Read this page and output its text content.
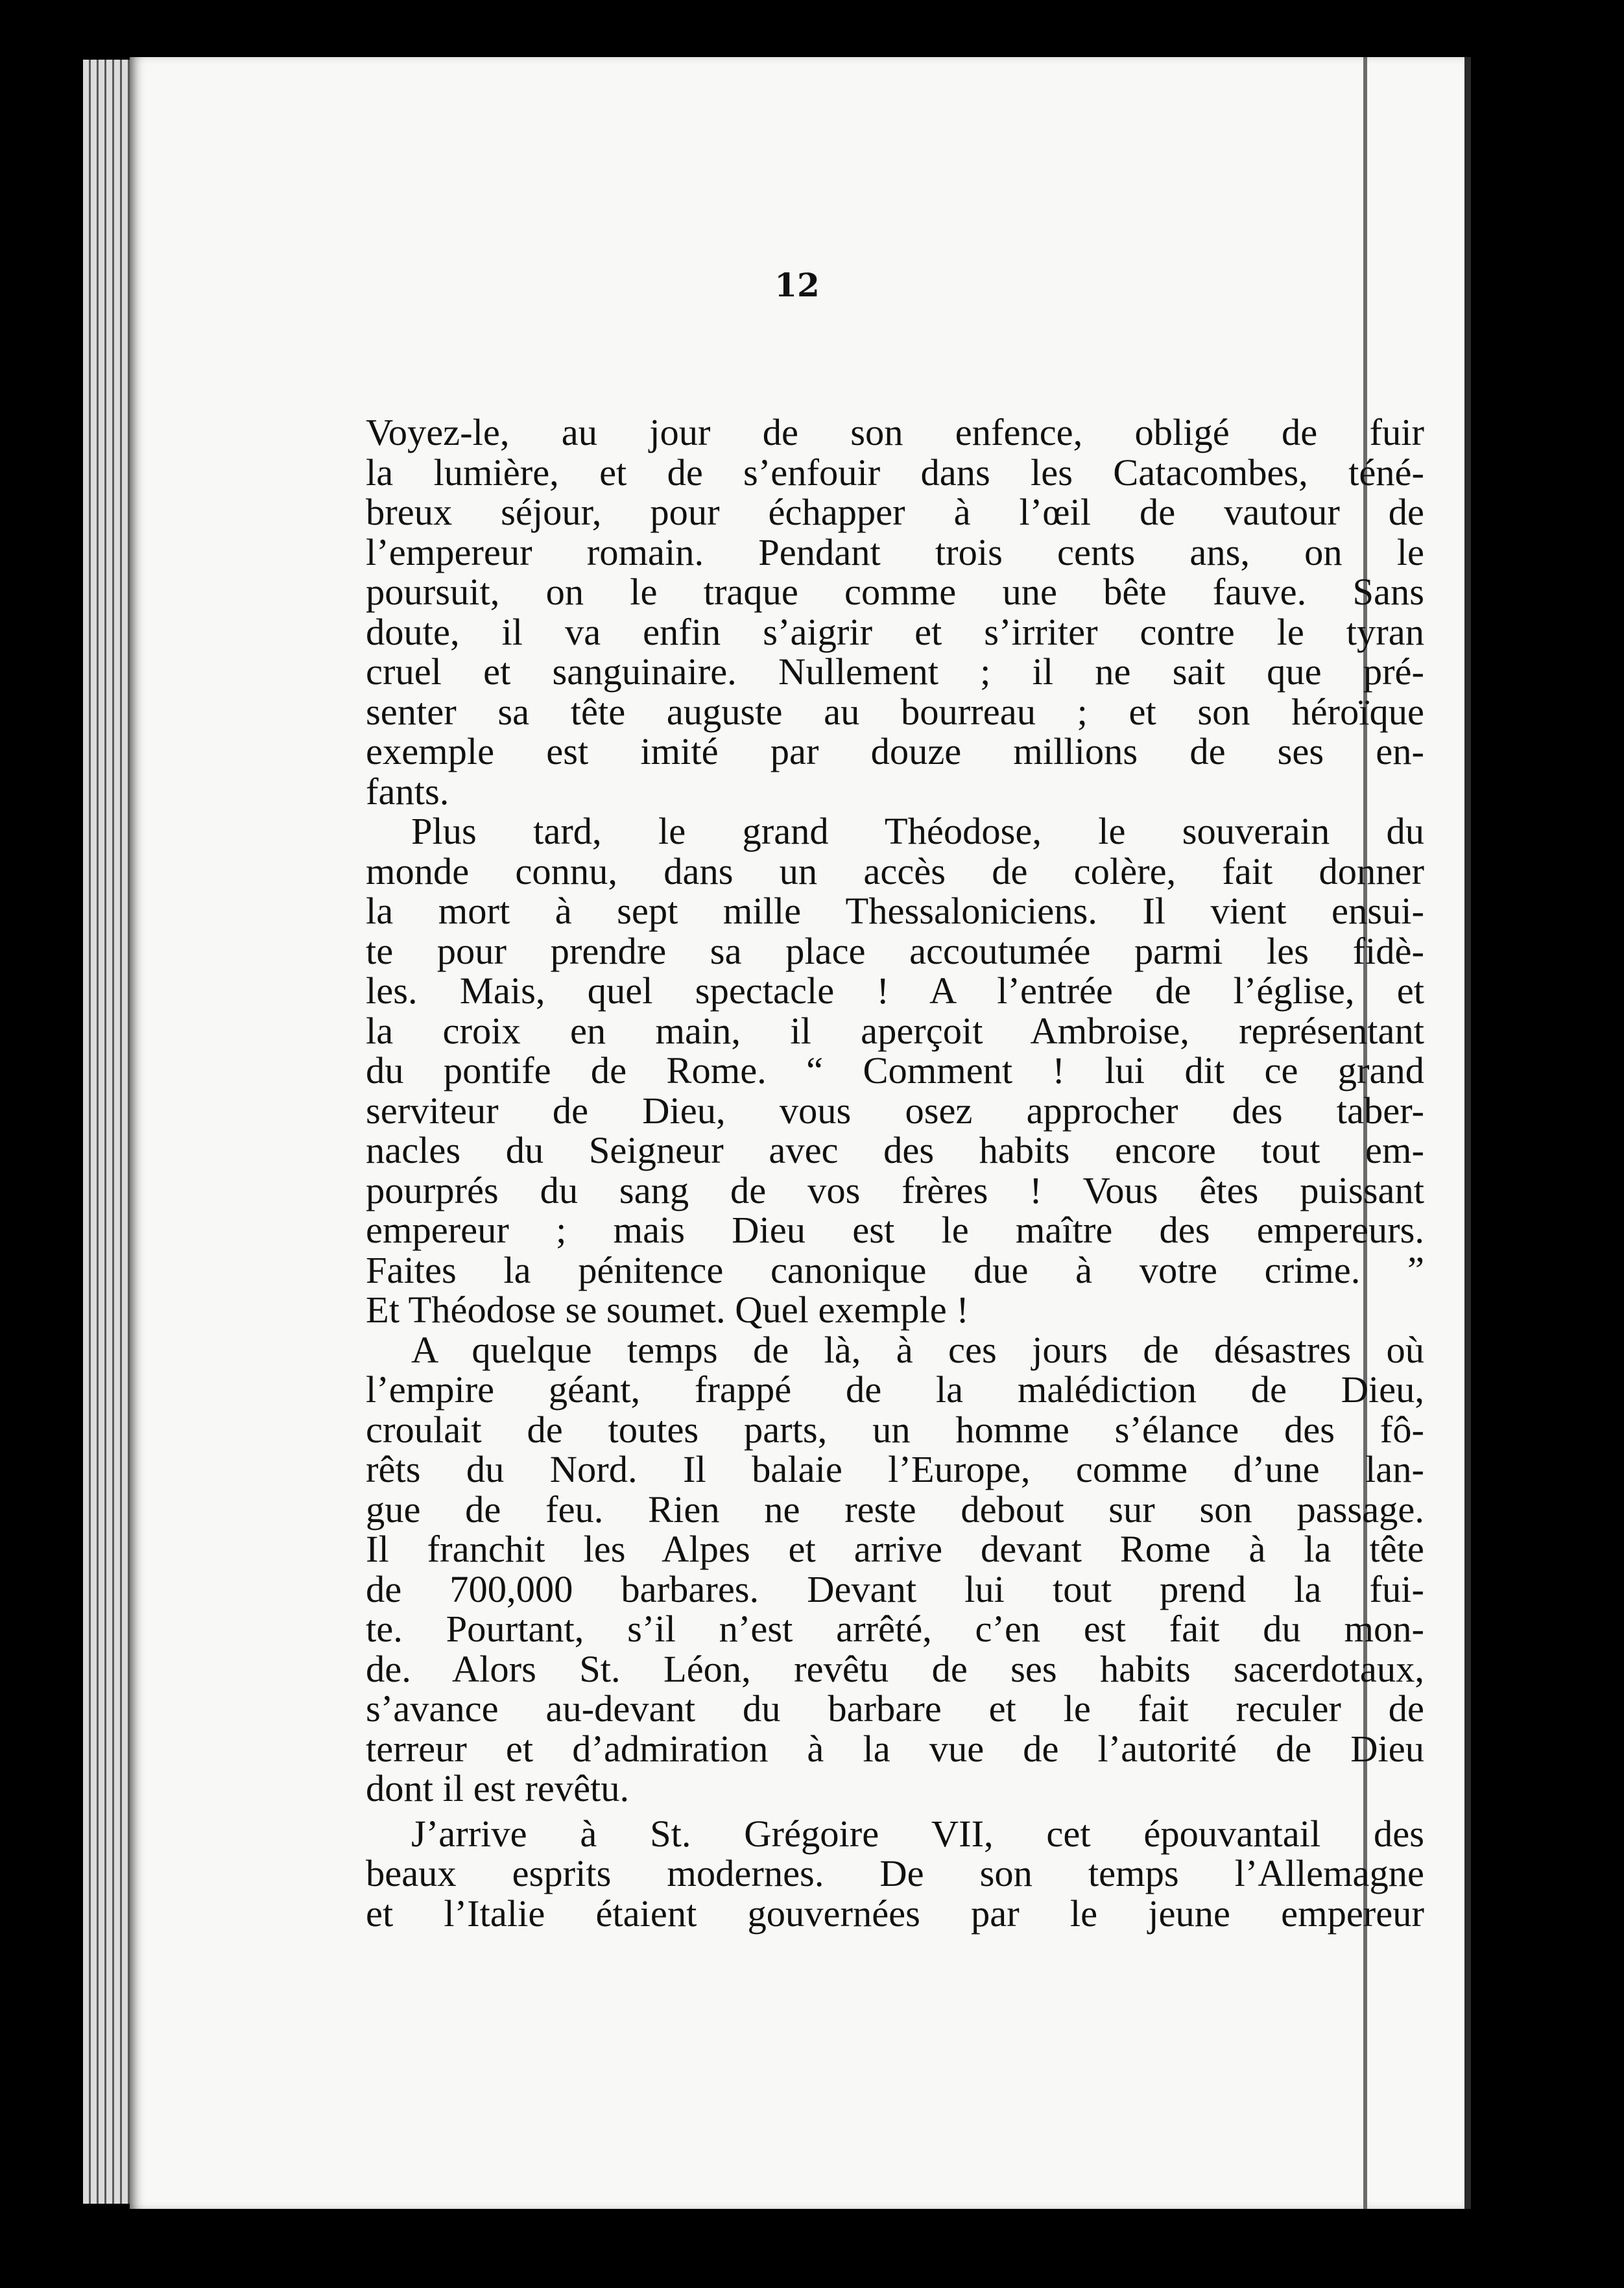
12
Voyez-le, au jour de son enfence, obligé de fuir
la lumière, et de s’enfouir dans les Catacombes, téné-
breux séjour, pour échapper à l’œil de vautour de
l’empereur romain. Pendant trois cents ans, on le
poursuit, on le traque comme une bête fauve. Sans
doute, il va enfin s’aigrir et s’irriter contre le tyran
cruel et sanguinaire. Nullement ; il ne sait que pré-
senter sa tête auguste au bourreau ; et son héroïque
exemple est imité par douze millions de ses en-
fants.
Plus tard, le grand Théodose, le souverain du
monde connu, dans un accès de colère, fait donner
la mort à sept mille Thessaloniciens. Il vient ensui-
te pour prendre sa place accoutumée parmi les fidè-
les. Mais, quel spectacle ! A l’entrée de l’église, et
la croix en main, il aperçoit Ambroise, représentant
du pontife de Rome. “ Comment ! lui dit ce grand
serviteur de Dieu, vous osez approcher des taber-
nacles du Seigneur avec des habits encore tout em-
pourprés du sang de vos frères ! Vous êtes puissant
empereur ; mais Dieu est le maître des empereurs.
Faites la pénitence canonique due à votre crime. ”
Et Théodose se soumet. Quel exemple !
A quelque temps de là, à ces jours de désastres où
l’empire géant, frappé de la malédiction de Dieu,
croulait de toutes parts, un homme s’élance des fô-
rêts du Nord. Il balaie l’Europe, comme d’une lan-
gue de feu. Rien ne reste debout sur son passage.
Il franchit les Alpes et arrive devant Rome à la tête
de 700,000 barbares. Devant lui tout prend la fui-
te. Pourtant, s’il n’est arrêté, c’en est fait du mon-
de. Alors St. Léon, revêtu de ses habits sacerdotaux,
s’avance au-devant du barbare et le fait reculer de
terreur et d’admiration à la vue de l’autorité de Dieu
dont il est revêtu.
J’arrive à St. Grégoire VII, cet épouvantail des
beaux esprits modernes. De son temps l’Allemagne
et l’Italie étaient gouvernées par le jeune empereur
